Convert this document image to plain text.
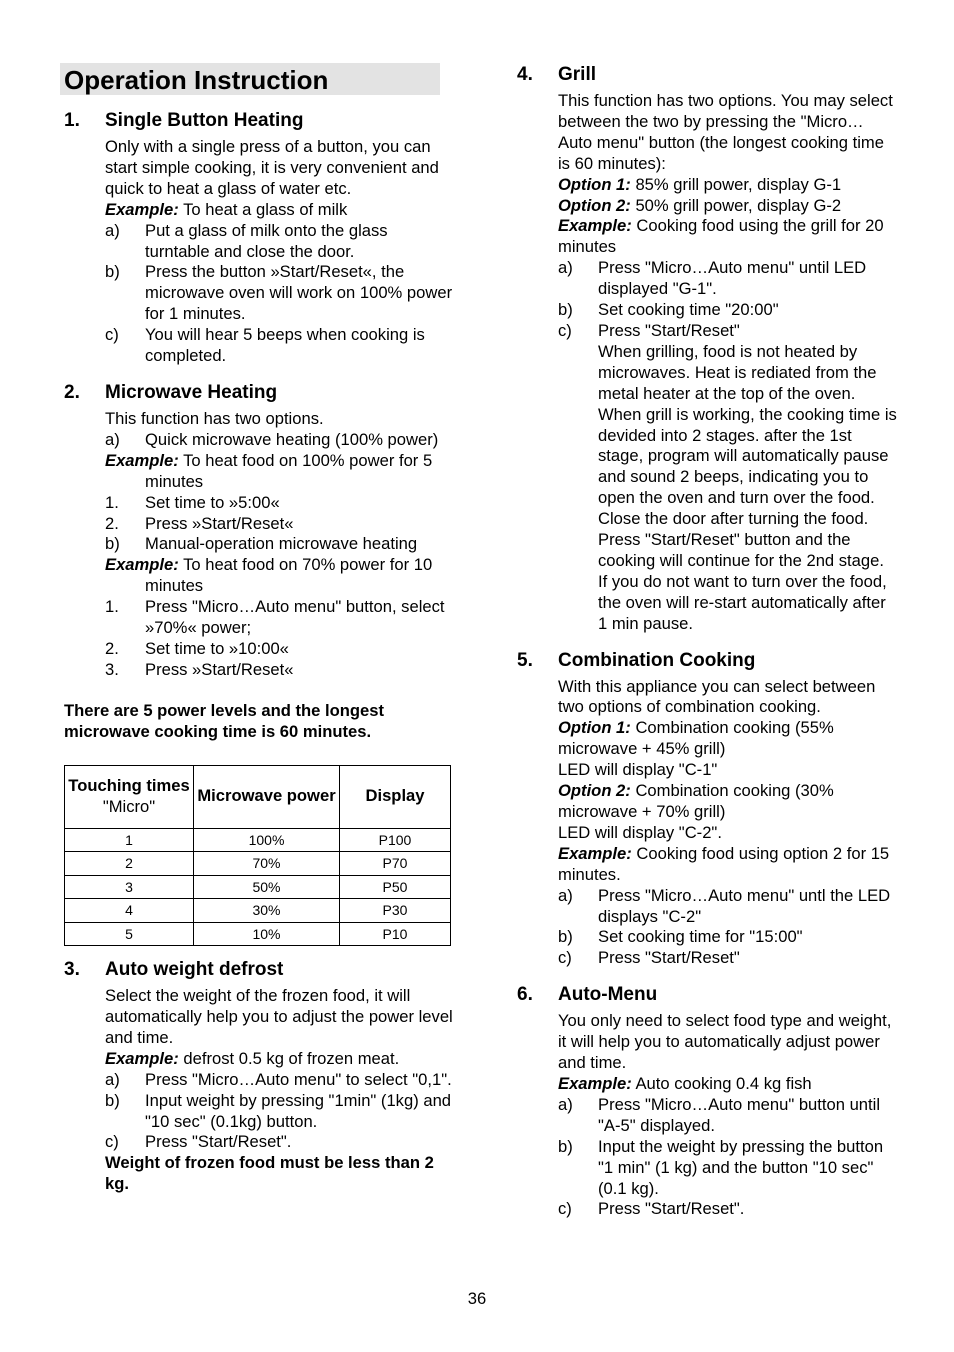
Operation Instruction
1. Single Button Heating
Only with a single press of a button, you can start simple cooking, it is very convenient and quick to heat a glass of water etc.
Example: To heat a glass of milk
a) Put a glass of milk onto the glass turntable and close the door.
b) Press the button »Start/Reset«, the microwave oven will work on 100% power for 1 minutes.
c) You will hear 5 beeps when cooking is completed.
2. Microwave Heating
This function has two options.
a) Quick microwave heating (100% power)
Example: To heat food on 100% power for 5 minutes
1. Set time to »5:00«
2. Press »Start/Reset«
b) Manual-operation microwave heating
Example: To heat food on 70% power for 10 minutes
1. Press "Micro…Auto menu" button, select »70%« power;
2. Set time to »10:00«
3. Press »Start/Reset«
There are 5 power levels and the longest microwave cooking time is 60 minutes.
Touching times
"Micro"	Microwave power	Display
1	100%	P100
2	70%	P70
3	50%	P50
4	30%	P30
5	10%	P10
3. Auto weight defrost
Select the weight of the frozen food, it will automatically help you to adjust the power level and time.
Example: defrost 0.5 kg of frozen meat.
a) Press "Micro…Auto menu" to select "0,1".
b) Input weight by pressing "1min" (1kg) and "10 sec" (0.1kg) button.
c) Press "Start/Reset".
Weight of frozen food must be less than 2 kg.
4. Grill
This function has two options. You may select between the two by pressing the "Micro…Auto menu" button (the longest cooking time is 60 minutes):
Option 1: 85% grill power, display G-1
Option 2: 50% grill power, display G-2
Example: Cooking food using the grill for 20 minutes
a) Press "Micro…Auto menu" until LED displayed "G-1".
b) Set cooking time "20:00"
c) Press "Start/Reset"
When grilling, food is not heated by microwaves. Heat is rediated from the metal heater at the top of the oven.
When grill is working, the cooking time is devided into 2 stages. after the 1st stage, program will automatically pause and sound 2 beeps, indicating you to open the oven and turn over the food. Close the door after turning the food. Press "Start/Reset" button and the cooking will continue for the 2nd stage. If you do not want to turn over the food, the oven will re-start automatically after 1 min pause.
5. Combination Cooking
With this appliance you can select between two options of combination cooking.
Option 1: Combination cooking (55% microwave + 45% grill)
LED will display "C-1"
Option 2: Combination cooking (30% microwave + 70% grill)
LED will display "C-2".
Example: Cooking food using option 2 for 15 minutes.
a) Press "Micro…Auto menu" untl the LED displays "C-2"
b) Set cooking time for "15:00"
c) Press "Start/Reset"
6. Auto-Menu
You only need to select food type and weight, it will help you to automatically adjust power and time.
Example: Auto cooking 0.4 kg fish
a) Press "Micro…Auto menu" button until "A-5" displayed.
b) Input the weight by pressing the button "1 min" (1 kg) and the button "10 sec" (0.1 kg).
c) Press "Start/Reset".
36
